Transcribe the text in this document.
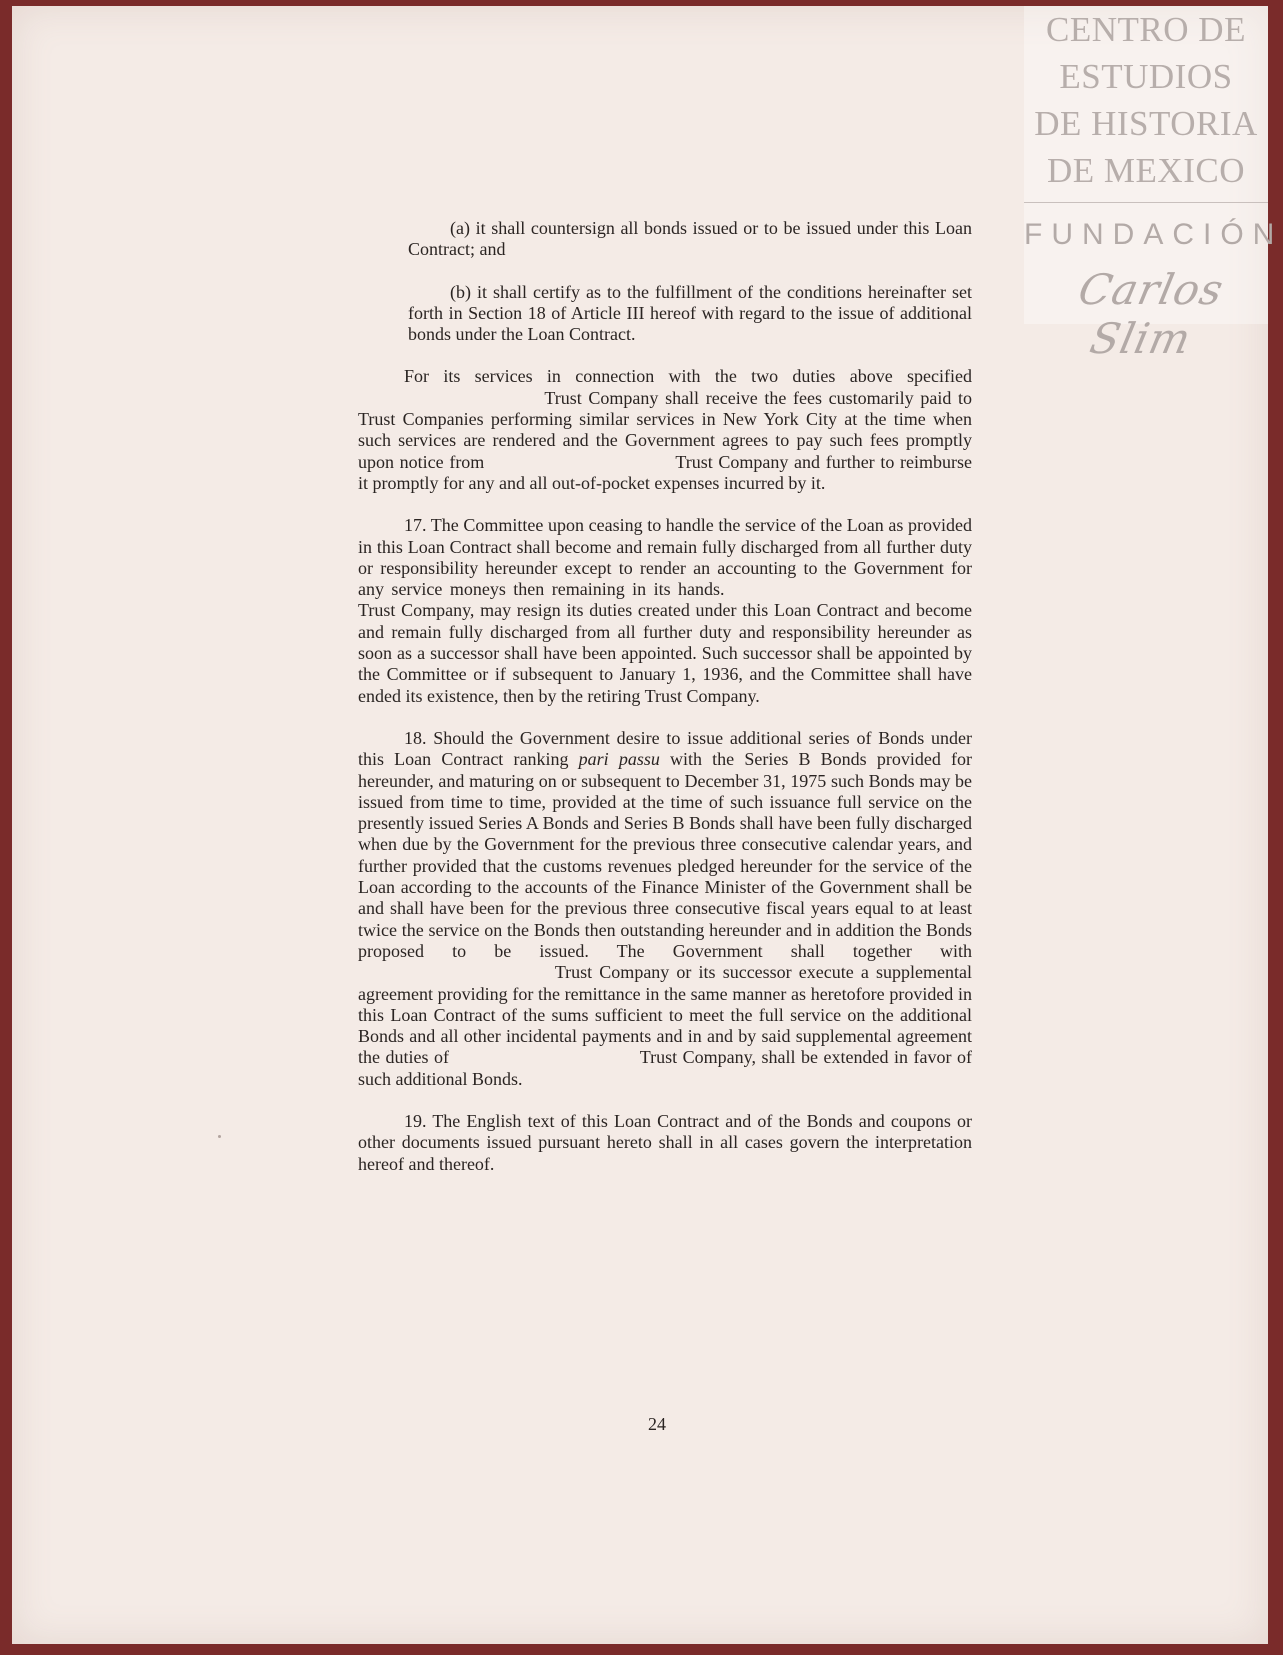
CENTRO DE
ESTUDIOS
DE HISTORIA
DE MEXICO
FUNDACIÓN
Carlos Slim

(a) it shall countersign all bonds issued or to be issued under this Loan Contract; and

(b) it shall certify as to the fulfillment of the conditions hereinafter set forth in Section 18 of Article III hereof with regard to the issue of additional bonds under the Loan Contract.

For its services in connection with the two duties above specified  Trust Company shall receive the fees customarily paid to Trust Companies performing similar services in New York City at the time when such services are rendered and the Government agrees to pay such fees promptly upon notice from	Trust Company and further to reimburse it promptly for any and all out-of-pocket expenses incurred by it.

17. The Committee upon ceasing to handle the service of the Loan as provided in this Loan Contract shall become and remain fully discharged from all further duty or responsibility hereunder except to render an accounting to the Government for any service moneys then remaining in its hands.  Trust Company, may resign its duties created under this Loan Contract and become and remain fully discharged from all further duty and responsibility hereunder as soon as a successor shall have been appointed. Such successor shall be appointed by the Committee or if subsequent to January 1, 1936, and the Committee shall have ended its existence, then by the retiring Trust Company.

18. Should the Government desire to issue additional series of Bonds under this Loan Contract ranking pari passu with the Series B Bonds provided for hereunder, and maturing on or subsequent to December 31, 1975 such Bonds may be issued from time to time, provided at the time of such issuance full service on the presently issued Series A Bonds and Series B Bonds shall have been fully discharged when due by the Government for the previous three consecutive calendar years, and further provided that the customs revenues pledged hereunder for the service of the Loan according to the accounts of the Finance Minister of the Government shall be and shall have been for the previous three consecutive fiscal years equal to at least twice the service on the Bonds then outstanding hereunder and in addition the Bonds proposed to be issued. The Government shall together with  Trust Company or its successor execute a supplemental agreement providing for the remittance in the same manner as heretofore provided in this Loan Contract of the sums sufficient to meet the full service on the additional Bonds and all other incidental payments and in and by said supplemental agreement the duties of	Trust Company, shall be extended in favor of such additional Bonds.

19. The English text of this Loan Contract and of the Bonds and coupons or other documents issued pursuant hereto shall in all cases govern the interpretation hereof and thereof.

24
